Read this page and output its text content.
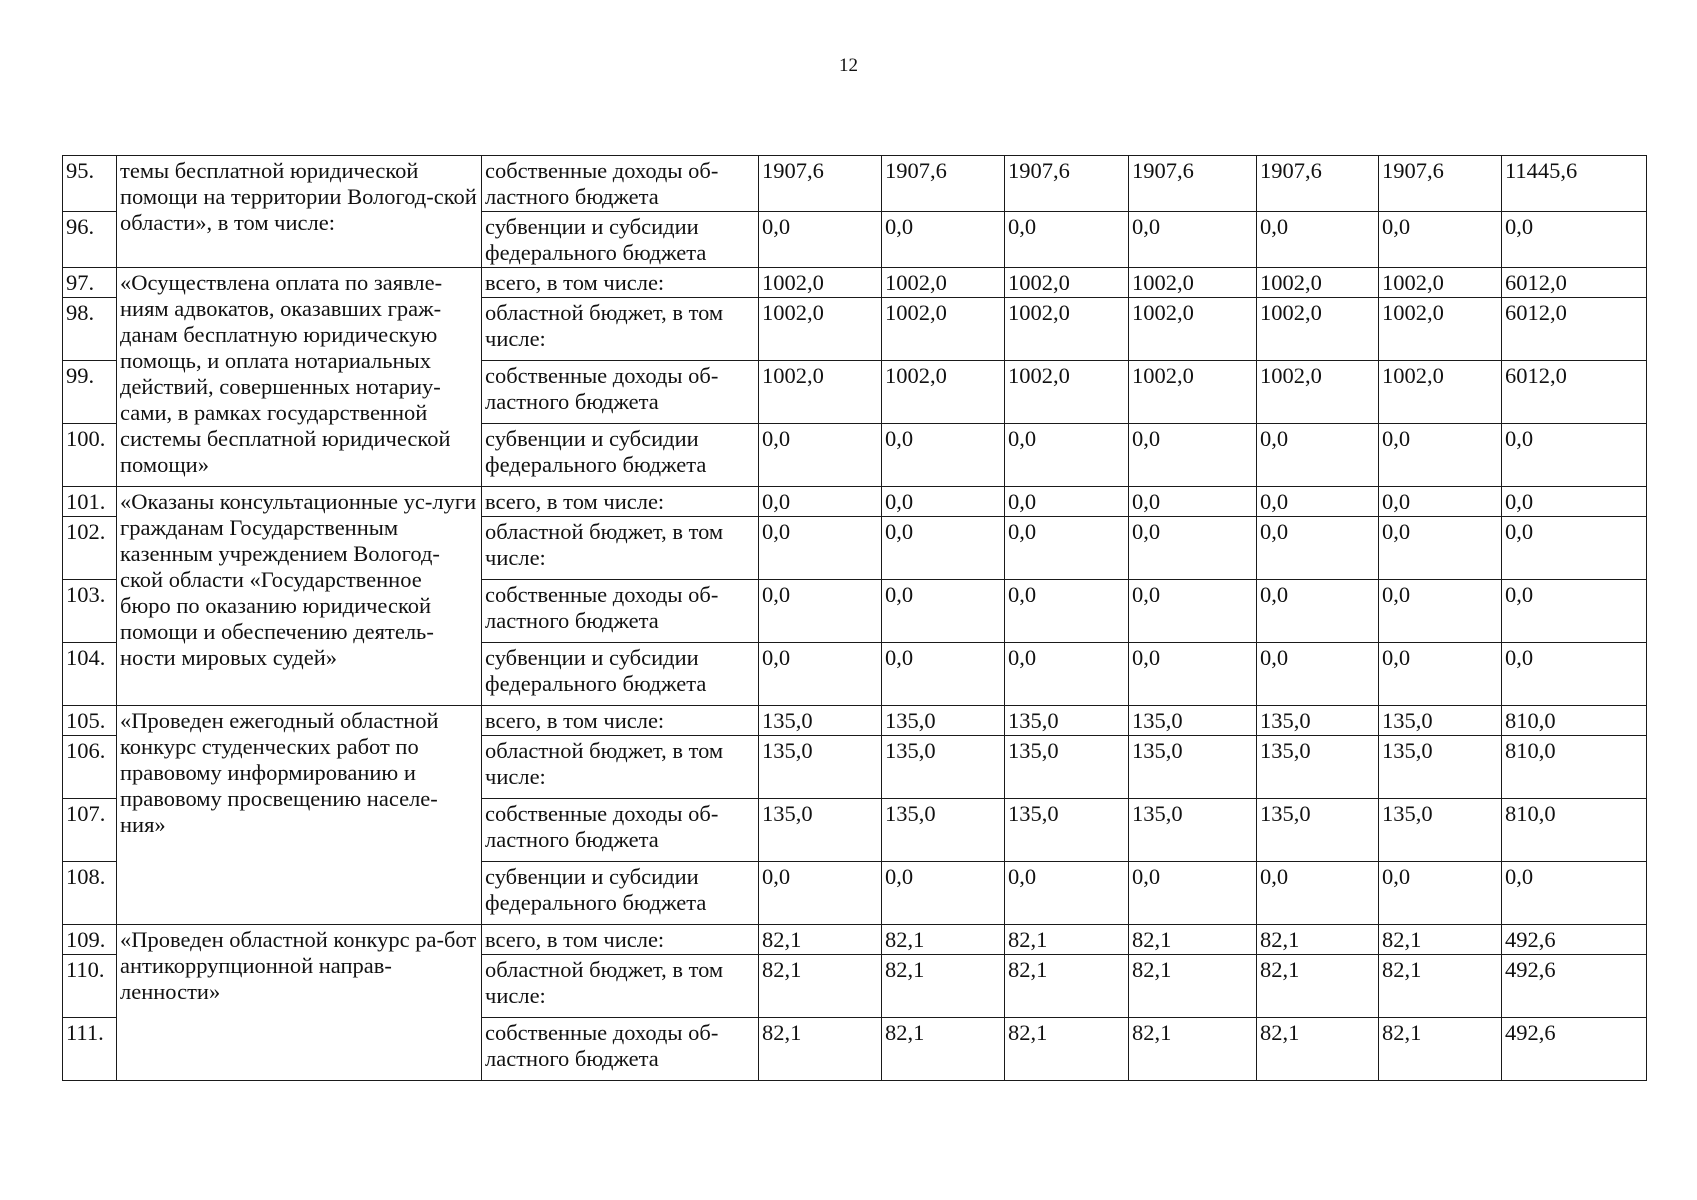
12
95.	темы бесплатной юридической помощи на территории Вологод-ской области», в том числе:	собственные доходы об-ластного бюджета	1907,6	1907,6	1907,6	1907,6	1907,6	1907,6	11445,6
96.		субвенции и субсидии федерального бюджета	0,0	0,0	0,0	0,0	0,0	0,0	0,0
97.	«Осуществлена оплата по заявле-ниям адвокатов, оказавших граж-данам бесплатную юридическую помощь, и оплата нотариальных действий, совершенных нотариу-сами, в рамках государственной системы бесплатной юридической помощи»	всего, в том числе:	1002,0	1002,0	1002,0	1002,0	1002,0	1002,0	6012,0
98.		областной бюджет, в том числе:	1002,0	1002,0	1002,0	1002,0	1002,0	1002,0	6012,0
99.		собственные доходы об-ластного бюджета	1002,0	1002,0	1002,0	1002,0	1002,0	1002,0	6012,0
100.		субвенции и субсидии федерального бюджета	0,0	0,0	0,0	0,0	0,0	0,0	0,0
101.	«Оказаны консультационные ус-луги гражданам Государственным казенным учреждением Вологод-ской области «Государственное бюро по оказанию юридической помощи и обеспечению деятель-ности мировых судей»	всего, в том числе:	0,0	0,0	0,0	0,0	0,0	0,0	0,0
102.		областной бюджет, в том числе:	0,0	0,0	0,0	0,0	0,0	0,0	0,0
103.		собственные доходы об-ластного бюджета	0,0	0,0	0,0	0,0	0,0	0,0	0,0
104.		субвенции и субсидии федерального бюджета	0,0	0,0	0,0	0,0	0,0	0,0	0,0
105.	«Проведен ежегодный областной конкурс студенческих работ по правовому информированию и правовому просвещению населе-ния»	всего, в том числе:	135,0	135,0	135,0	135,0	135,0	135,0	810,0
106.		областной бюджет, в том числе:	135,0	135,0	135,0	135,0	135,0	135,0	810,0
107.		собственные доходы об-ластного бюджета	135,0	135,0	135,0	135,0	135,0	135,0	810,0
108.		субвенции и субсидии федерального бюджета	0,0	0,0	0,0	0,0	0,0	0,0	0,0
109.	«Проведен областной конкурс ра-бот антикоррупционной направ-ленности»	всего, в том числе:	82,1	82,1	82,1	82,1	82,1	82,1	492,6
110.		областной бюджет, в том числе:	82,1	82,1	82,1	82,1	82,1	82,1	492,6
111.		собственные доходы об-ластного бюджета	82,1	82,1	82,1	82,1	82,1	82,1	492,6
